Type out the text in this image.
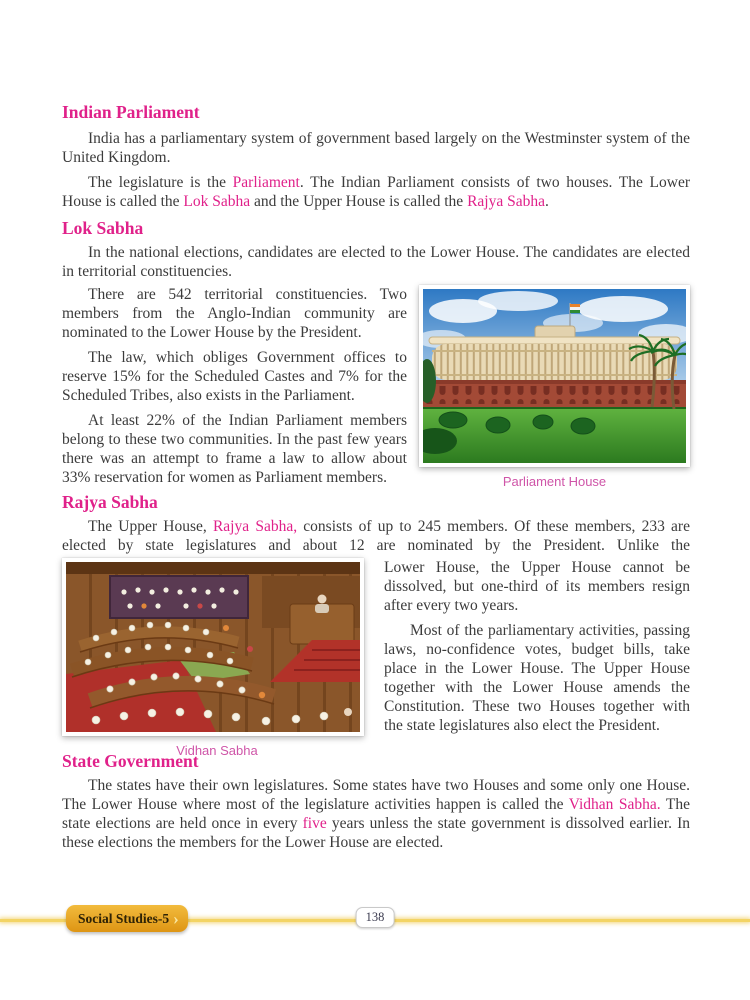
Indian Parliament

India has a parliamentary system of government based largely on the Westminster system of the United Kingdom.

The legislature is the Parliament. The Indian Parliament consists of two houses. The Lower House is called the Lok Sabha and the Upper House is called the Rajya Sabha.

Lok Sabha

In the national elections, candidates are elected to the Lower House. The candidates are elected in territorial constituencies.

There are 542 territorial constituencies. Two members from the Anglo-Indian community are nominated to the Lower House by the President.

The law, which obliges Government offices to reserve 15% for the Scheduled Castes and 7% for the Scheduled Tribes, also exists in the Parliament.

At least 22% of the Indian Parliament members belong to these two communities. In the past few years there was an attempt to frame a law to allow about 33% reservation for women as Parliament members.	Parliament House
Rajya Sabha

The Upper House, Rajya Sabha, consists of up to 245 members. Of these members, 233 are elected by state legislatures and about 12 are nominated by the President. Unlike the

Vidhan Sabha

Lower House, the Upper House cannot be dissolved, but one-third of its members resign after every two years.

Most of the parliamentary activities, passing laws, no-confidence votes, budget bills, take place in the Lower House. The Upper House together with the Lower House amends the Constitution. These two Houses together with the state legislatures also elect the President.

State Government

The states have their own legislatures. Some states have two Houses and some only one House. The Lower House where most of the legislature activities happen is called the Vidhan Sabha. The state elections are held once in every five years unless the state government is dissolved earlier. In these elections the members for the Lower House are elected.

Social Studies-5 ›	138
